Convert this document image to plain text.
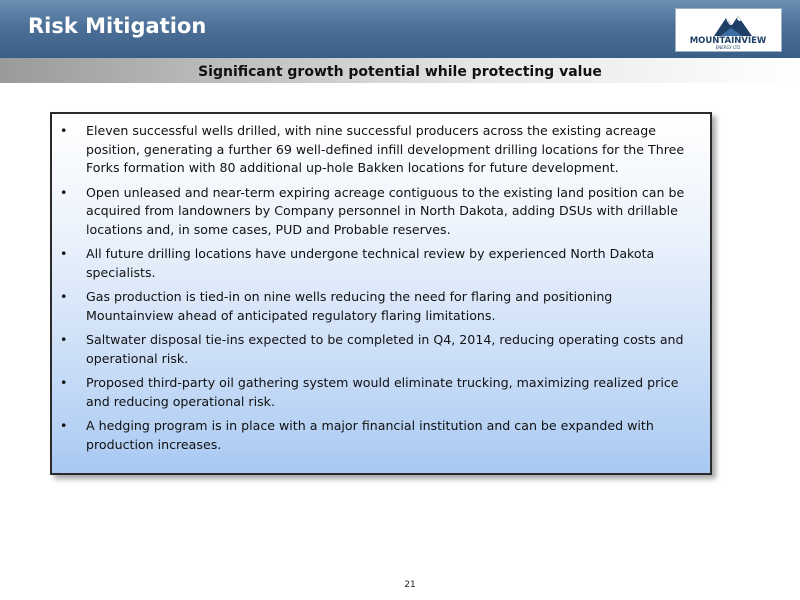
Risk Mitigation
MOUNTAINVIEW
ENERGY LTD
Significant growth potential while protecting value
• Eleven successful wells drilled, with nine successful producers across the existing acreage position, generating a further 69 well-defined infill development drilling locations for the Three Forks formation with 80 additional up-hole Bakken locations for future development.
• Open unleased and near-term expiring acreage contiguous to the existing land position can be acquired from landowners by Company personnel in North Dakota, adding DSUs with drillable locations and, in some cases, PUD and Probable reserves.
• All future drilling locations have undergone technical review by experienced North Dakota specialists.
• Gas production is tied-in on nine wells reducing the need for flaring and positioning Mountainview ahead of anticipated regulatory flaring limitations.
• Saltwater disposal tie-ins expected to be completed in Q4, 2014, reducing operating costs and operational risk.
• Proposed third-party oil gathering system would eliminate trucking, maximizing realized price and reducing operational risk.
• A hedging program is in place with a major financial institution and can be expanded with production increases.
21
